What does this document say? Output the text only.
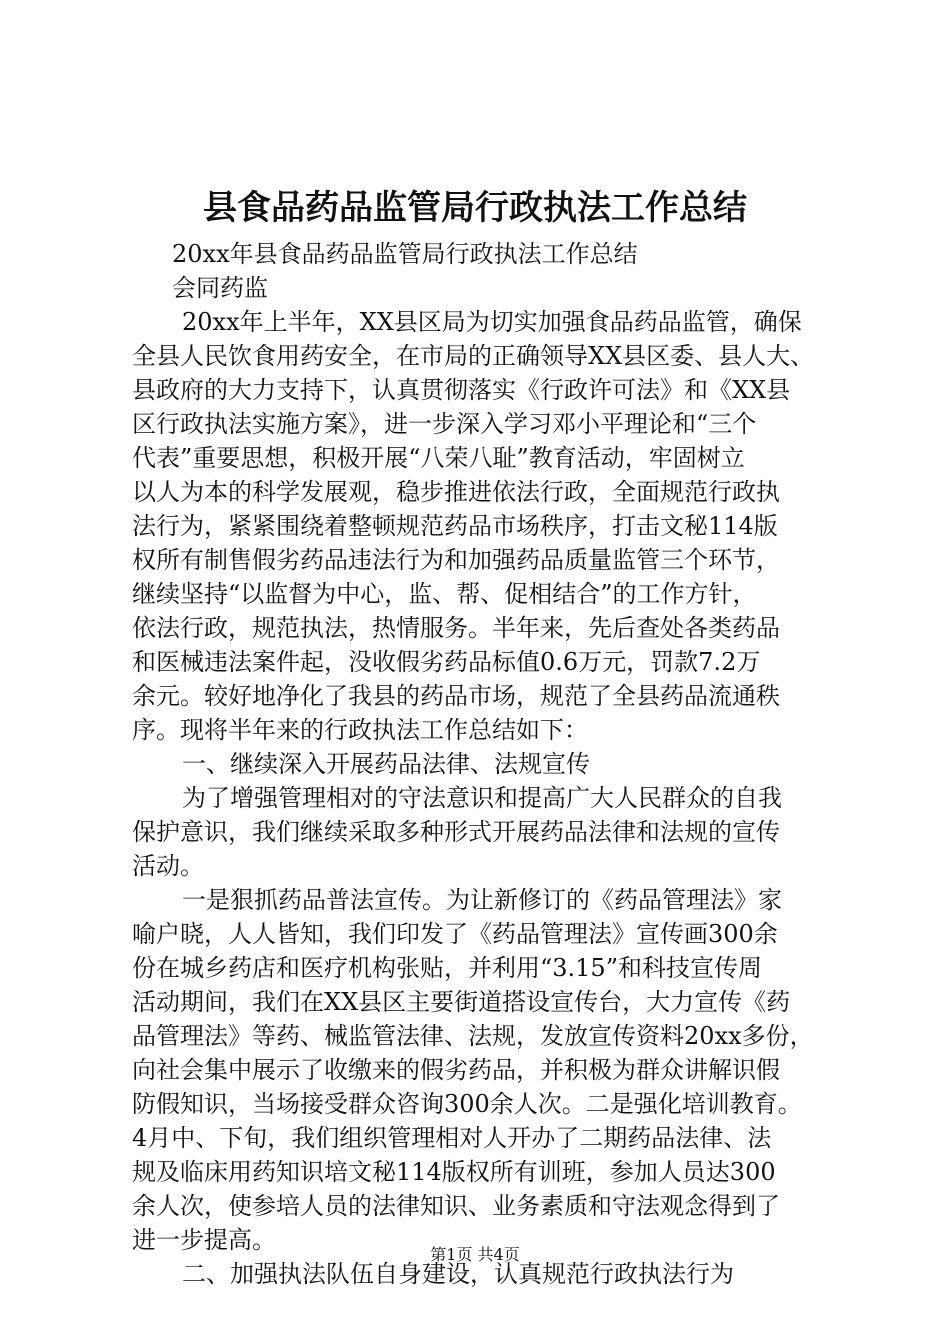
县食品药品监管局行政执法工作总结
20xx年县食品药品监管局行政执法工作总结
会同药监
20xx年上半年，XX县区局为切实加强食品药品监管，确保
全县人民饮食用药安全，在市局的正确领导XX县区委、县人大、
县政府的大力支持下，认真贯彻落实《行政许可法》和《XX县
区行政执法实施方案》，进一步深入学习邓小平理论和“三个
代表”重要思想，积极开展“八荣八耻”教育活动，牢固树立
以人为本的科学发展观，稳步推进依法行政，全面规范行政执
法行为，紧紧围绕着整顿规范药品市场秩序，打击文秘114版
权所有制售假劣药品违法行为和加强药品质量监管三个环节，
继续坚持“以监督为中心，监、帮、促相结合”的工作方针，
依法行政，规范执法，热情服务。半年来，先后查处各类药品
和医械违法案件起，没收假劣药品标值0.6万元，罚款7.2万
余元。较好地净化了我县的药品市场，规范了全县药品流通秩
序。现将半年来的行政执法工作总结如下：
一、继续深入开展药品法律、法规宣传
为了增强管理相对的守法意识和提高广大人民群众的自我
保护意识，我们继续采取多种形式开展药品法律和法规的宣传
活动。
一是狠抓药品普法宣传。为让新修订的《药品管理法》家
喻户晓，人人皆知，我们印发了《药品管理法》宣传画300余
份在城乡药店和医疗机构张贴，并利用“3.15”和科技宣传周
活动期间，我们在XX县区主要街道搭设宣传台，大力宣传《药
品管理法》等药、械监管法律、法规，发放宣传资料20xx多份，
向社会集中展示了收缴来的假劣药品，并积极为群众讲解识假
防假知识，当场接受群众咨询300余人次。二是强化培训教育。
4月中、下旬，我们组织管理相对人开办了二期药品法律、法
规及临床用药知识培文秘114版权所有训班，参加人员达300
余人次，使参培人员的法律知识、业务素质和守法观念得到了
进一步提高。
二、加强执法队伍自身建设，认真规范行政执法行为
第1页 共4页
